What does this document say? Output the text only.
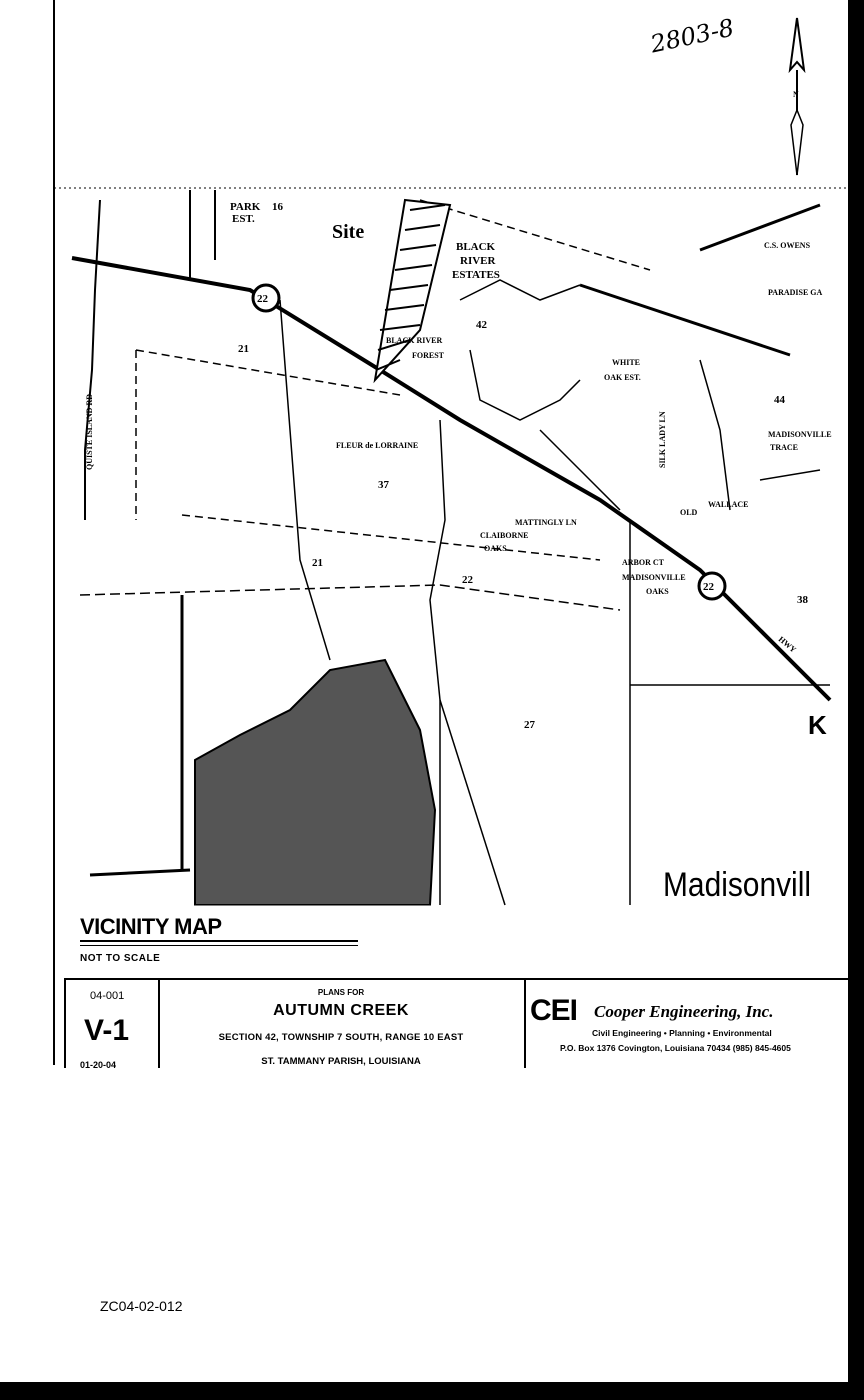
2803-8
N
22
22
Site
16
21
42
37
22
21
44
38
27
PARK
EST.
BLACK
RIVER
ESTATES
BLACK RIVER
FOREST
WHITE
OAK EST.
FLEUR de LORRAINE
CLAIBORNE
OAKS
ARBOR CT
MADISONVILLE
OAKS
MADISONVILLE
TRACE
PARADISE GA
C.S. OWENS
QUISTE ISLAND RD
MATTINGLY LN
SILK LADY LN
WALLACE
OLD
HWY
K
Madisonvill
VICINITY MAP
NOT TO SCALE
04-001
V-1
01-20-04
PLANS FOR
AUTUMN CREEK
SECTION 42, TOWNSHIP 7 SOUTH, RANGE 10 EAST
ST. TAMMANY PARISH, LOUISIANA
CEI Cooper Engineering, Inc.
Civil Engineering • Planning • Environmental
P.O. Box 1376 Covington, Louisiana 70434 (985) 845-4605
ZC04-02-012
